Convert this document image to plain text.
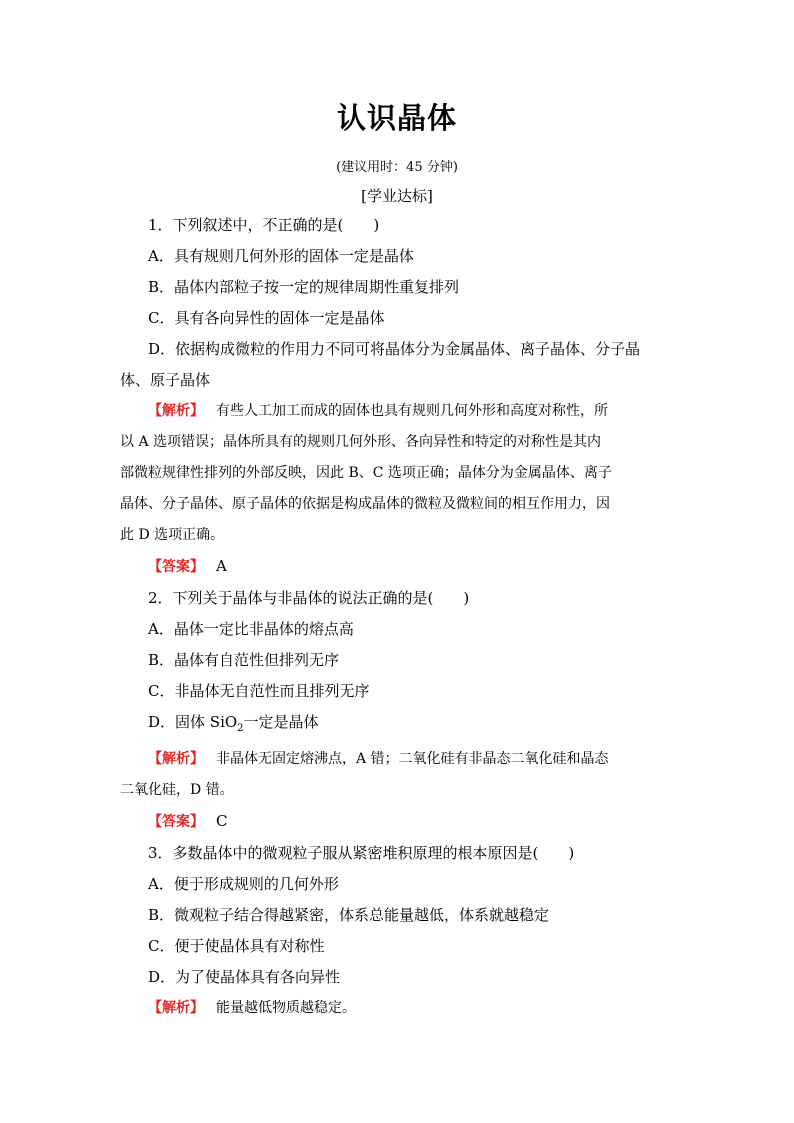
认识晶体
(建议用时：45 分钟)
[学业达标]
1．下列叙述中，不正确的是(　　)
A．具有规则几何外形的固体一定是晶体
B．晶体内部粒子按一定的规律周期性重复排列
C．具有各向异性的固体一定是晶体
D．依据构成微粒的作用力不同可将晶体分为金属晶体、离子晶体、分子晶
体、原子晶体
【解析】 有些人工加工而成的固体也具有规则几何外形和高度对称性，所
以 A 选项错误；晶体所具有的规则几何外形、各向异性和特定的对称性是其内
部微粒规律性排列的外部反映，因此 B、C 选项正确；晶体分为金属晶体、离子
晶体、分子晶体、原子晶体的依据是构成晶体的微粒及微粒间的相互作用力，因
此 D 选项正确。
【答案】 A
2．下列关于晶体与非晶体的说法正确的是(　　)
A．晶体一定比非晶体的熔点高
B．晶体有自范性但排列无序
C．非晶体无自范性而且排列无序
D．固体 SiO$_2$一定是晶体
【解析】 非晶体无固定熔沸点，A 错；二氧化硅有非晶态二氧化硅和晶态
二氧化硅，D 错。
【答案】 C
3．多数晶体中的微观粒子服从紧密堆积原理的根本原因是(　　)
A．便于形成规则的几何外形
B．微观粒子结合得越紧密，体系总能量越低，体系就越稳定
C．便于使晶体具有对称性
D．为了使晶体具有各向异性
【解析】 能量越低物质越稳定。
